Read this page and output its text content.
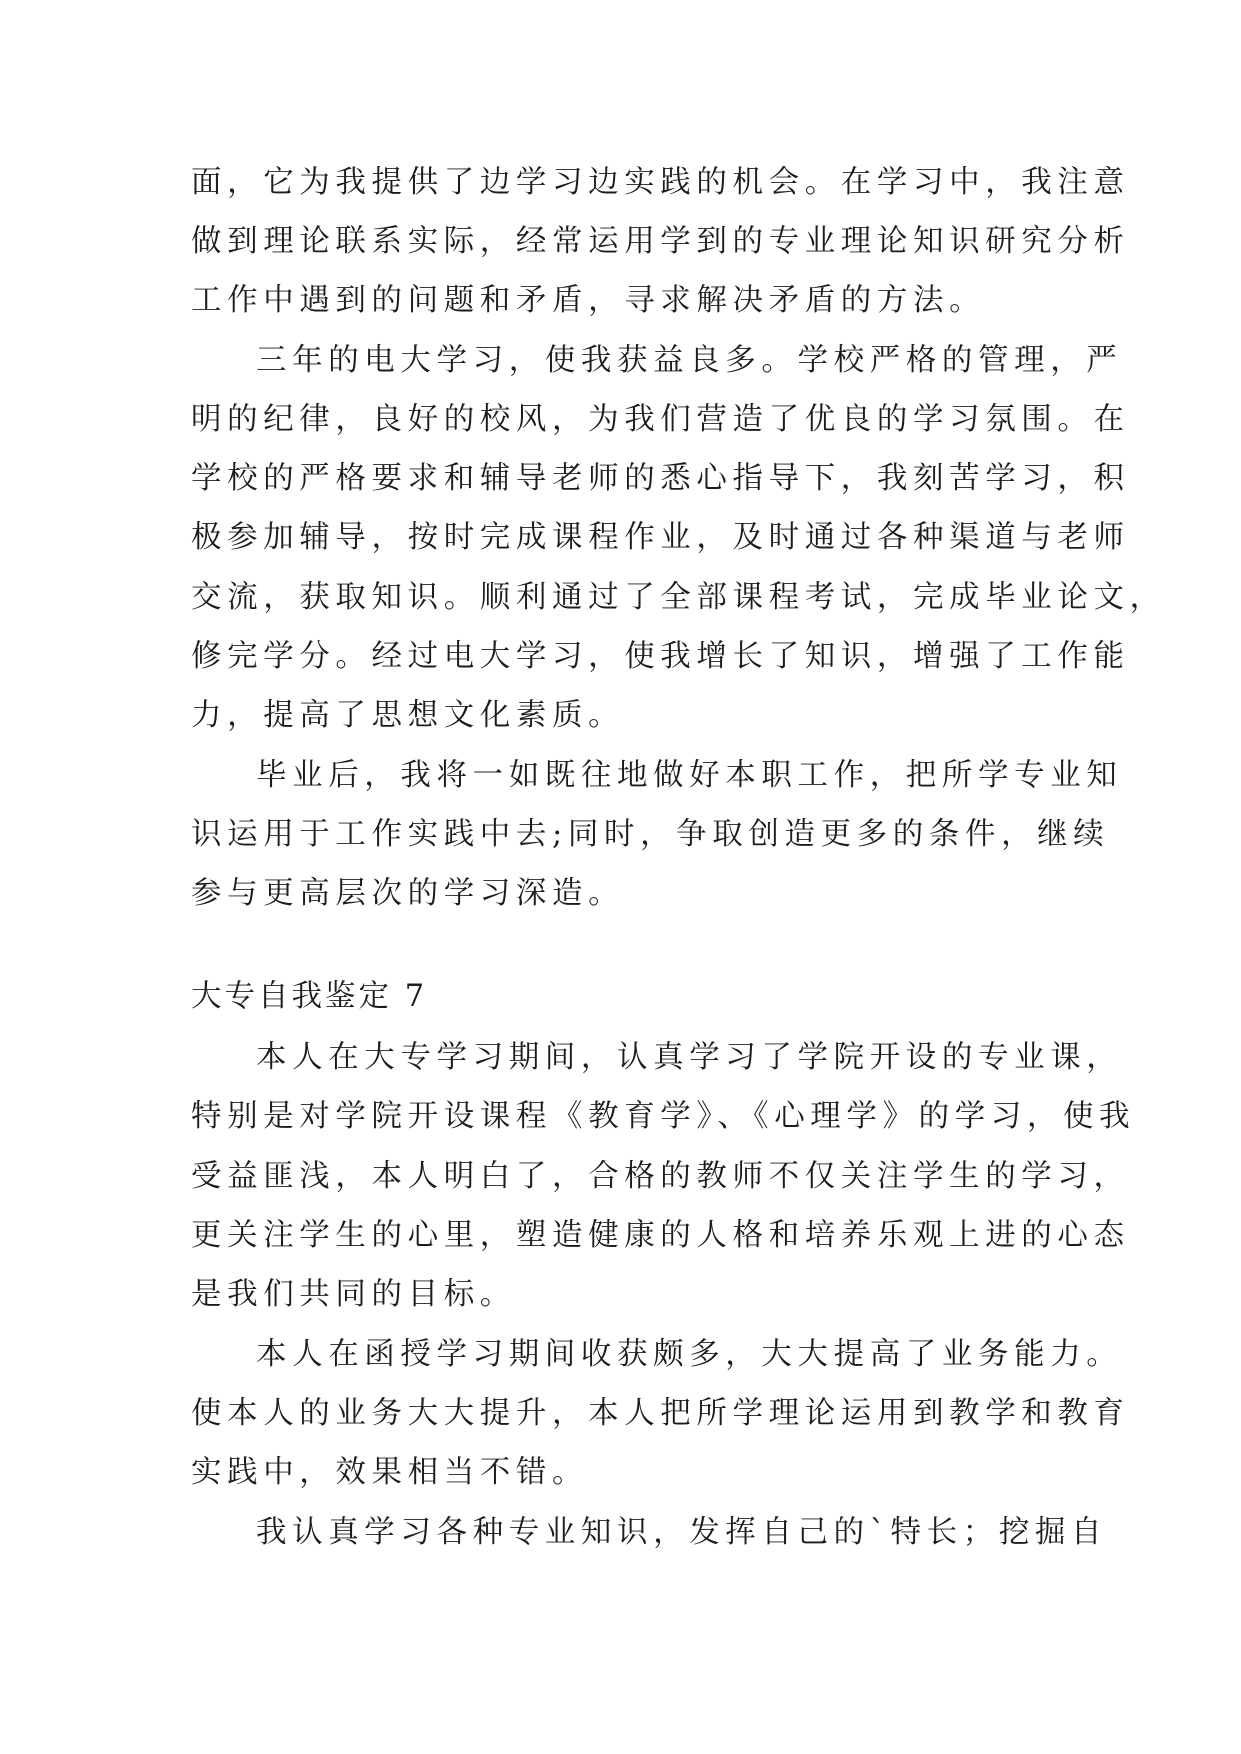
面，它为我提供了边学习边实践的机会。在学习中，我注意

做到理论联系实际，经常运用学到的专业理论知识研究分析

工作中遇到的问题和矛盾，寻求解决矛盾的方法。

三年的电大学习，使我获益良多。学校严格的管理，严

明的纪律，良好的校风，为我们营造了优良的学习氛围。在

学校的严格要求和辅导老师的悉心指导下，我刻苦学习，积

极参加辅导，按时完成课程作业，及时通过各种渠道与老师

交流，获取知识。顺利通过了全部课程考试，完成毕业论文，

修完学分。经过电大学习，使我增长了知识，增强了工作能

力，提高了思想文化素质。

毕业后，我将一如既往地做好本职工作，把所学专业知

识运用于工作实践中去;同时，争取创造更多的条件，继续

参与更高层次的学习深造。

大专自我鉴定 7

本人在大专学习期间，认真学习了学院开设的专业课，

特别是对学院开设课程《教育学》、《心理学》的学习，使我

受益匪浅，本人明白了，合格的教师不仅关注学生的学习，

更关注学生的心里，塑造健康的人格和培养乐观上进的心态

是我们共同的目标。

本人在函授学习期间收获颇多，大大提高了业务能力。

使本人的业务大大提升，本人把所学理论运用到教学和教育

实践中，效果相当不错。

我认真学习各种专业知识，发挥自己的`特长；挖掘自
